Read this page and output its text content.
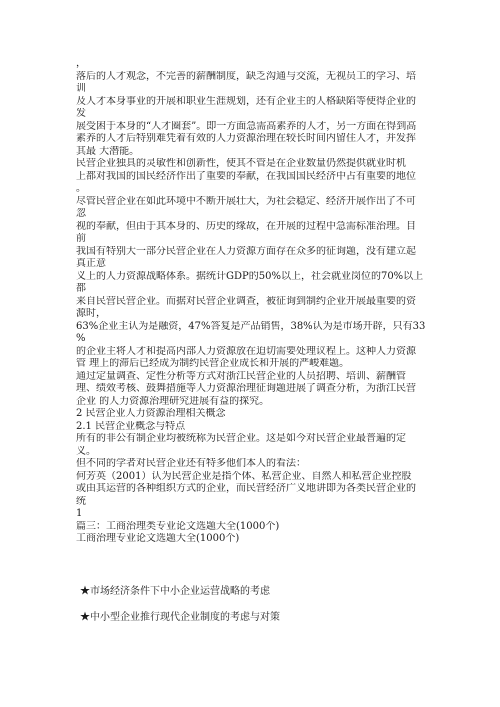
，
落后的人才观念，不完善的薪酬制度，缺乏沟通与交流，无视员工的学习、培
训
及人才本身事业的开展和职业生涯规划，还有企业主的人格缺陷等使得企业的
发
展受困于本身的“人才圈套”。即一方面急需高素养的人才，另一方面在得到高
素养的人才后特别难凭着有效的人力资源治理在较长时间内留住人才，并发挥
其最 大潜能。
民营企业独具的灵敏性和创新性，使其不管是在企业数量仍然提供就业时机
上都对我国的国民经济作出了重要的奉献，在我国国民经济中占有重要的地位
。
尽管民营企业在如此环境中不断开展壮大，为社会稳定、经济开展作出了不可
忽
视的奉献，但由于其本身的、历史的缘故，在开展的过程中急需标准治理。目
前
我国有特别大一部分民营企业在人力资源方面存在众多的征询题，没有建立起
真正意
义上的人力资源战略体系。据统计GDP的50%以上，社会就业岗位的70%以上
都
来自民营民营企业。而据对民营企业调查，被征询到制约企业开展最重要的资
源时，
63%企业主认为是融资，47%答复是产品销售，38%认为是市场开辟，只有33
%
的企业主将人才和提高内部人力资源放在迫切需要处理议程上。这种人力资源
管 理上的滞后已经成为制约民营企业成长和开展的严峻难题。
通过定量调查、定性分析等方式对浙江民营企业的人员招聘、培训、薪酬管
理、绩效考核、鼓舞措施等人力资源治理征询题进展了调查分析，为浙江民营
企业 的人力资源治理研究进展有益的探究。
2 民营企业人力资源治理相关概念
2.1 民营企业概念与特点
所有的非公有制企业均被统称为民营企业。这是如今对民营企业最普遍的定
义。
但不同的学者对民营企业还有特多他们本人的看法：
何芳英（2001）认为民营企业是指个体、私营企业、自然人和私营企业控股
或由其运营的各种组织方式的企业，而民营经济广义地讲即为各类民营企业的
统
1
篇三：工商治理类专业论文选题大全(1000个)
工商治理专业论文选题大全(1000个)
★市场经济条件下中小企业运营战略的考虑
★中小型企业推行现代企业制度的考虑与对策
